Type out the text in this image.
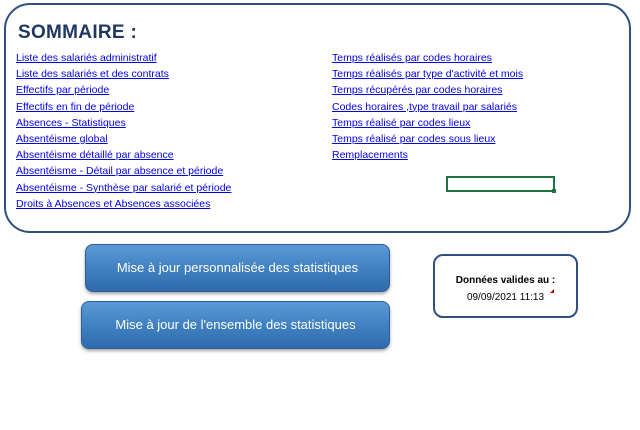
SOMMAIRE :
Liste des salariés administratif
Liste des salariés et des contrats
Effectifs par période
Effectifs en fin de période
Absences - Statistiques
Absentéisme global
Absentéisme détaillé par absence
Absentéisme - Détail par absence et période
Absentéisme - Synthèse par salarié et période
Droits à Absences et Absences associées
Temps réalisés par codes horaires
Temps réalisés par type d'activité et mois
Temps récupérés par codes horaires
Codes horaires ,type travail par salariés
Temps réalisé par codes lieux
Temps réalisé par codes sous lieux
Remplacements
Mise à jour personnalisée des statistiques
Mise à jour de l'ensemble des statistiques
Données valides au :
09/09/2021 11:13
